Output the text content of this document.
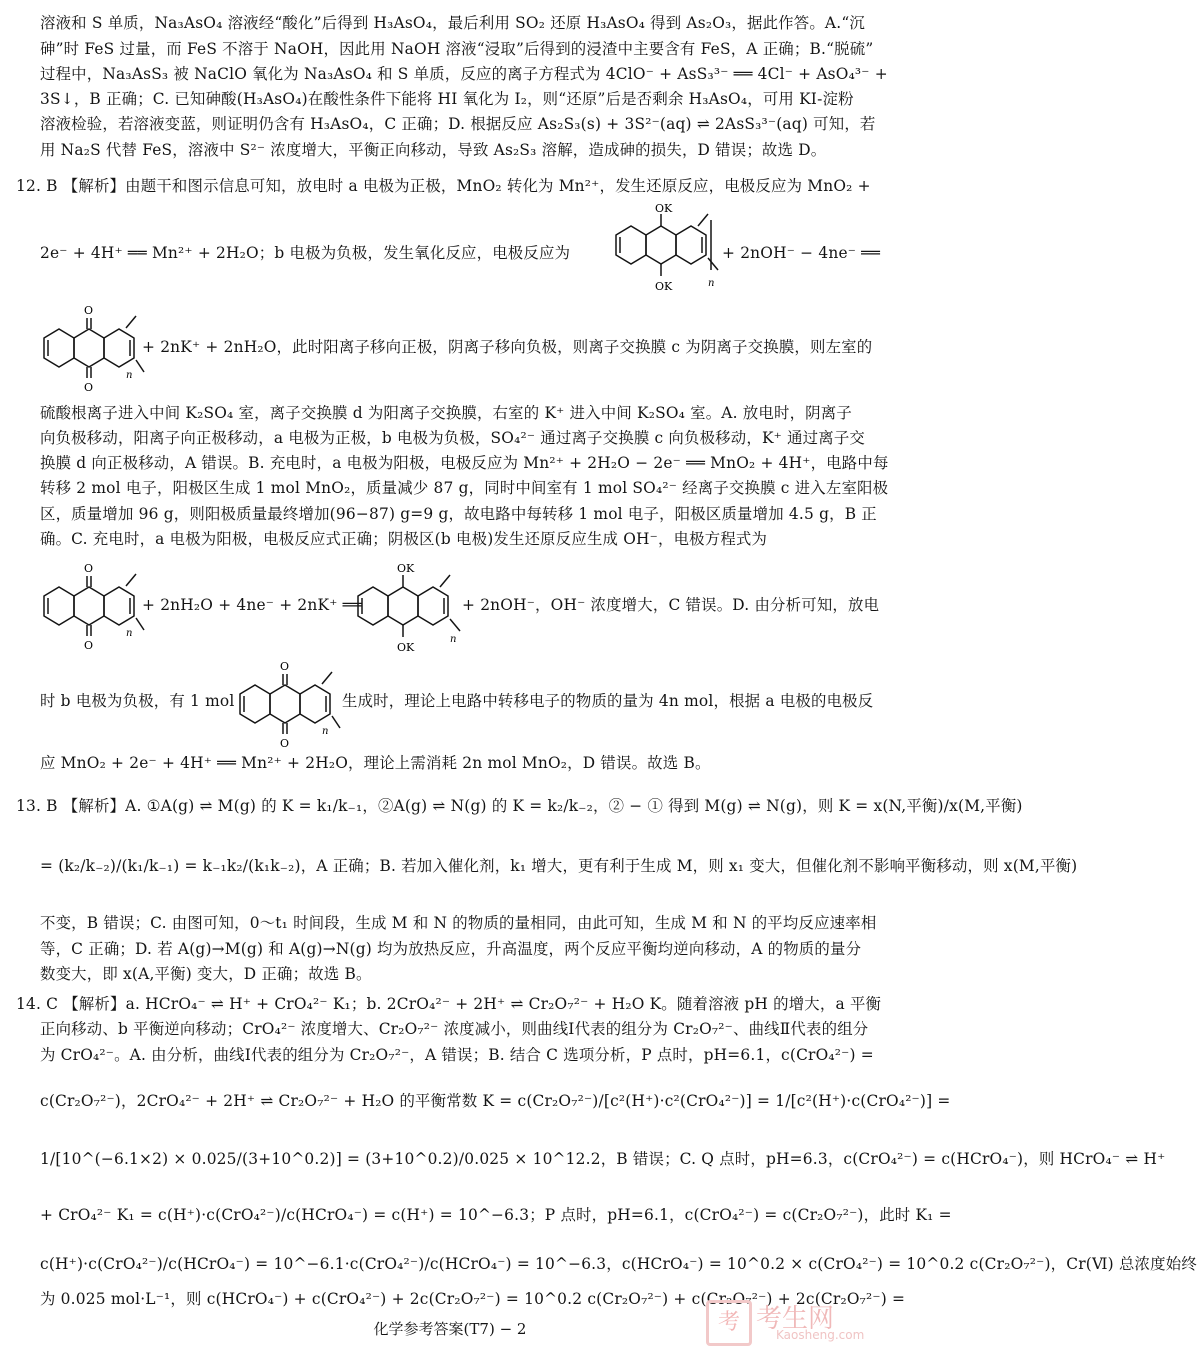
溶液和 S 单质，Na₃AsO₄ 溶液经“酸化”后得到 H₃AsO₄，最后利用 SO₂ 还原 H₃AsO₄ 得到 As₂O₃，据此作答。A.“沉
砷”时 FeS 过量，而 FeS 不溶于 NaOH，因此用 NaOH 溶液“浸取”后得到的浸渣中主要含有 FeS，A 正确；B.“脱硫”
过程中，Na₃AsS₃ 被 NaClO 氧化为 Na₃AsO₄ 和 S 单质，反应的离子方程式为 4ClO⁻ + AsS₃³⁻ ══ 4Cl⁻ + AsO₄³⁻ +
3S↓，B 正确；C. 已知砷酸(H₃AsO₄)在酸性条件下能将 HI 氧化为 I₂，则“还原”后是否剩余 H₃AsO₄，可用 KI-淀粉
溶液检验，若溶液变蓝，则证明仍含有 H₃AsO₄，C 正确；D. 根据反应 As₂S₃(s) + 3S²⁻(aq) ⇌ 2AsS₃³⁻(aq) 可知，若
用 Na₂S 代替 FeS，溶液中 S²⁻ 浓度增大，平衡正向移动，导致 As₂S₃ 溶解，造成砷的损失，D 错误；故选 D。
12. B 【解析】由题干和图示信息可知，放电时 a 电极为正极，MnO₂ 转化为 Mn²⁺，发生还原反应，电极反应为 MnO₂ +
2e⁻ + 4H⁺ ══ Mn²⁺ + 2H₂O；b 电极为负极，发生氧化反应，电极反应为	+ 2nOH⁻ − 4ne⁻ ══
OK
OK	n
O
O
n
+ 2nK⁺ + 2nH₂O，此时阳离子移向正极，阴离子移向负极，则离子交换膜 c 为阴离子交换膜，则左室的
硫酸根离子进入中间 K₂SO₄ 室，离子交换膜 d 为阳离子交换膜，右室的 K⁺ 进入中间 K₂SO₄ 室。A. 放电时，阴离子
向负极移动，阳离子向正极移动，a 电极为正极，b 电极为负极，SO₄²⁻ 通过离子交换膜 c 向负极移动，K⁺ 通过离子交
换膜 d 向正极移动，A 错误。B. 充电时，a 电极为阳极，电极反应为 Mn²⁺ + 2H₂O − 2e⁻ ══ MnO₂ + 4H⁺，电路中每
转移 2 mol 电子，阳极区生成 1 mol MnO₂，质量减少 87 g，同时中间室有 1 mol SO₄²⁻ 经离子交换膜 c 进入左室阳极
区，质量增加 96 g，则阳极质量最终增加(96−87) g=9 g，故电路中每转移 1 mol 电子，阳极区质量增加 4.5 g，B 正
确。C. 充电时，a 电极为阳极，电极反应式正确；阴极区(b 电极)发生还原反应生成 OH⁻，电极方程式为
O
O
n
+ 2nH₂O + 4ne⁻ + 2nK⁺ ══
OK
OK
n
+ 2nOH⁻，OH⁻ 浓度增大，C 错误。D. 由分析可知，放电
时 b 电极为负极，有 1 mol
O
O
n
生成时，理论上电路中转移电子的物质的量为 4n mol，根据 a 电极的电极反
应 MnO₂ + 2e⁻ + 4H⁺ ══ Mn²⁺ + 2H₂O，理论上需消耗 2n mol MnO₂，D 错误。故选 B。
13. B 【解析】A. ①A(g) ⇌ M(g) 的 K = k₁/k₋₁，②A(g) ⇌ N(g) 的 K = k₂/k₋₂，② − ① 得到 M(g) ⇌ N(g)，则 K = x(N,平衡)/x(M,平衡)
= (k₂/k₋₂)/(k₁/k₋₁) = k₋₁k₂/(k₁k₋₂)，A 正确；B. 若加入催化剂，k₁ 增大，更有利于生成 M，则 x₁ 变大，但催化剂不影响平衡移动，则 x(M,平衡)
不变，B 错误；C. 由图可知，0～t₁ 时间段，生成 M 和 N 的物质的量相同，由此可知，生成 M 和 N 的平均反应速率相
等，C 正确；D. 若 A(g)→M(g) 和 A(g)→N(g) 均为放热反应，升高温度，两个反应平衡均逆向移动，A 的物质的量分
数变大，即 x(A,平衡) 变大，D 正确；故选 B。
14. C 【解析】a. HCrO₄⁻ ⇌ H⁺ + CrO₄²⁻ K₁；b. 2CrO₄²⁻ + 2H⁺ ⇌ Cr₂O₇²⁻ + H₂O K。随着溶液 pH 的增大，a 平衡
正向移动、b 平衡逆向移动；CrO₄²⁻ 浓度增大、Cr₂O₇²⁻ 浓度减小，则曲线Ⅰ代表的组分为 Cr₂O₇²⁻、曲线Ⅱ代表的组分
为 CrO₄²⁻。A. 由分析，曲线Ⅰ代表的组分为 Cr₂O₇²⁻，A 错误；B. 结合 C 选项分析，P 点时，pH=6.1，c(CrO₄²⁻) =
c(Cr₂O₇²⁻)，2CrO₄²⁻ + 2H⁺ ⇌ Cr₂O₇²⁻ + H₂O 的平衡常数 K = c(Cr₂O₇²⁻)/[c²(H⁺)·c²(CrO₄²⁻)] = 1/[c²(H⁺)·c(CrO₄²⁻)] =
1/[10^(−6.1×2) × 0.025/(3+10^0.2)] = (3+10^0.2)/0.025 × 10^12.2，B 错误；C. Q 点时，pH=6.3，c(CrO₄²⁻) = c(HCrO₄⁻)，则 HCrO₄⁻ ⇌ H⁺
+ CrO₄²⁻ K₁ = c(H⁺)·c(CrO₄²⁻)/c(HCrO₄⁻) = c(H⁺) = 10^−6.3；P 点时，pH=6.1，c(CrO₄²⁻) = c(Cr₂O₇²⁻)，此时 K₁ =
c(H⁺)·c(CrO₄²⁻)/c(HCrO₄⁻) = 10^−6.1·c(CrO₄²⁻)/c(HCrO₄⁻) = 10^−6.3，c(HCrO₄⁻) = 10^0.2 × c(CrO₄²⁻) = 10^0.2 c(Cr₂O₇²⁻)，Cr(Ⅵ) 总浓度始终
为 0.025 mol·L⁻¹，则 c(HCrO₄⁻) + c(CrO₄²⁻) + 2c(Cr₂O₇²⁻) = 10^0.2 c(Cr₂O₇²⁻) + c(Cr₂O₇²⁻) + 2c(Cr₂O₇²⁻) =
化学参考答案(T7) − 2	考 考生网
Kaosheng.com
